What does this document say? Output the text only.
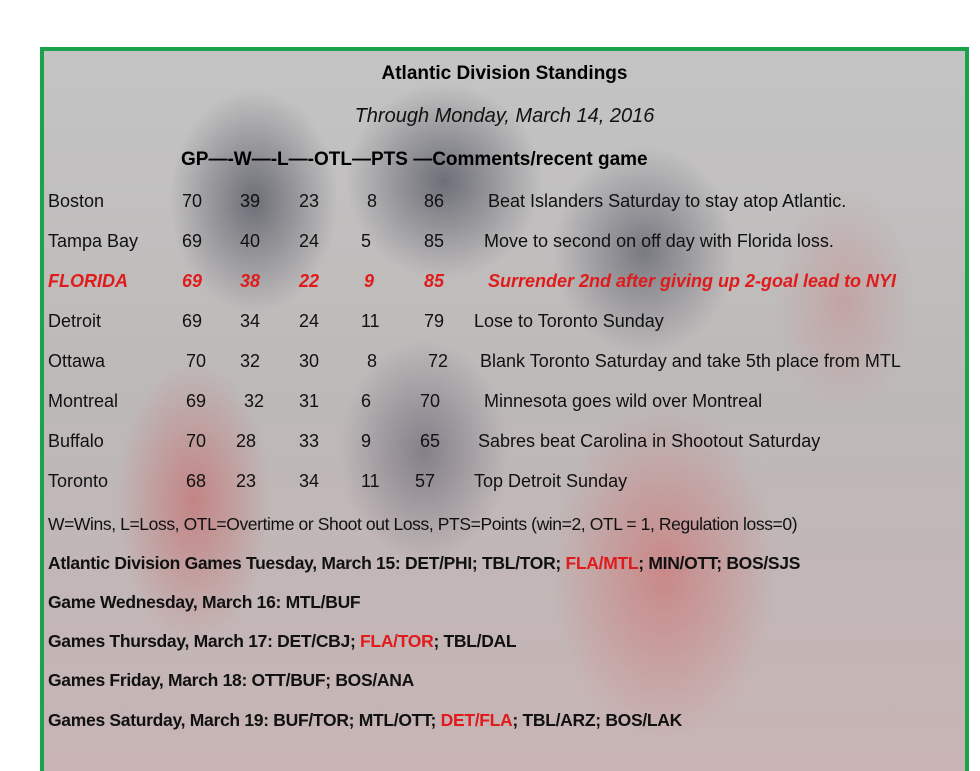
Atlantic Division Standings
Through Monday, March 14, 2016
GP—-W—-L—-OTL—PTS —Comments/recent game
Boston	70 39 23	8	86 Beat Islanders Saturday to stay atop Atlantic.
Tampa Bay 69 40 24 5	85 Move to second on off day with Florida loss.
FLORIDA	69 38 22 9	85 Surrender 2nd after giving up 2-goal lead to NYI
Detroit	69 34 24 11 79 Lose to Toronto Sunday
Ottawa	70 32 30	8	72 Blank Toronto Saturday and take 5th place from MTL
Montreal	69 32 31 6	70 Minnesota goes wild over Montreal
Buffalo	70 28 33 9	65 Sabres beat Carolina in Shootout Saturday
Toronto	68 23 34 11 57 Top Detroit Sunday
W=Wins, L=Loss, OTL=Overtime or Shoot out Loss, PTS=Points (win=2, OTL = 1, Regulation loss=0)
Atlantic Division Games Tuesday, March 15: DET/PHI; TBL/TOR; FLA/MTL; MIN/OTT; BOS/SJS
Game Wednesday, March 16: MTL/BUF
Games Thursday, March 17: DET/CBJ; FLA/TOR; TBL/DAL
Games Friday, March 18: OTT/BUF; BOS/ANA
Games Saturday, March 19: BUF/TOR; MTL/OTT; DET/FLA; TBL/ARZ; BOS/LAK
